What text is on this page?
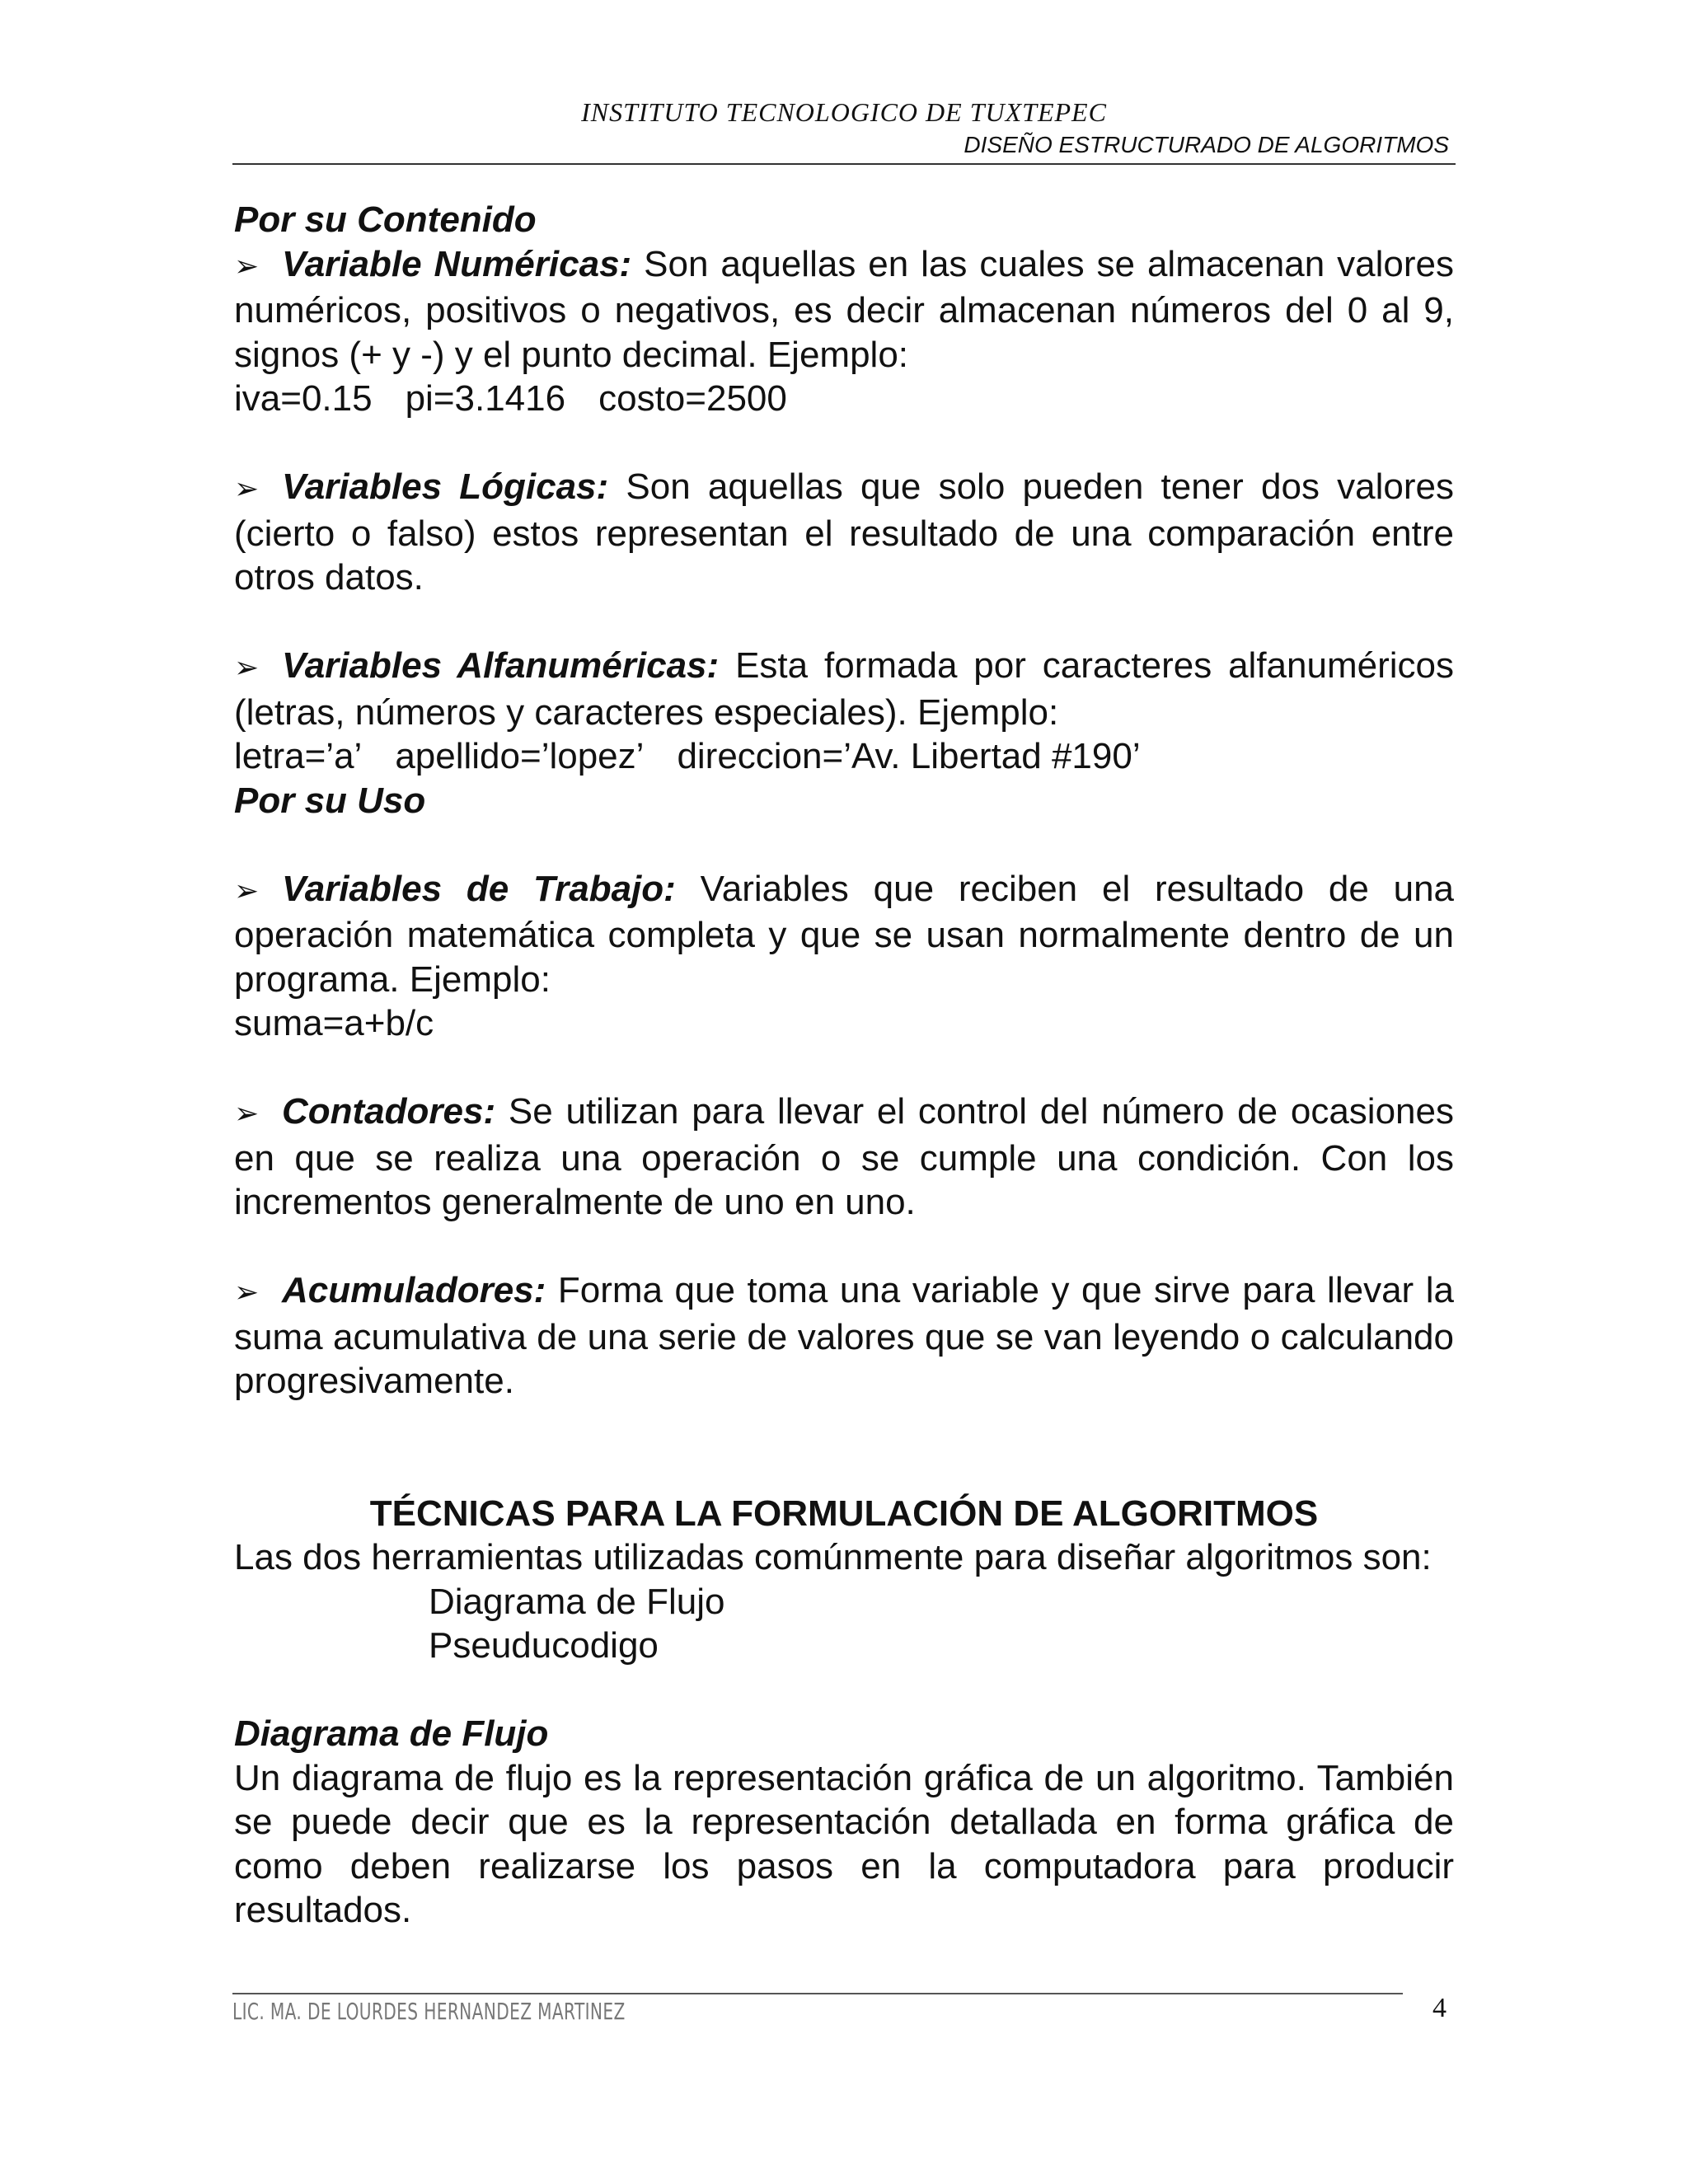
INSTITUTO TECNOLOGICO DE TUXTEPEC
DISEÑO ESTRUCTURADO DE ALGORITMOS

Por su Contenido

➢ Variable Numéricas: Son aquellas en las cuales se almacenan valores numéricos, positivos o negativos, es decir almacenan números del 0 al 9, signos (+ y -) y el punto decimal. Ejemplo:

iva=0.15 pi=3.1416 costo=2500

➢ Variables Lógicas: Son aquellas que solo pueden tener dos valores (cierto o falso) estos representan el resultado de una comparación entre otros datos.

➢ Variables Alfanuméricas: Esta formada por caracteres alfanuméricos (letras, números y caracteres especiales). Ejemplo:

letra=’a’ apellido=’lopez’ direccion=’Av. Libertad #190’

Por su Uso

➢ Variables de Trabajo: Variables que reciben el resultado de una operación matemática completa y que se usan normalmente dentro de un programa. Ejemplo:

suma=a+b/c

➢ Contadores: Se utilizan para llevar el control del número de ocasiones en que se realiza una operación o se cumple una condición. Con los incrementos generalmente de uno en uno.

➢ Acumuladores: Forma que toma una variable y que sirve para llevar la suma acumulativa de una serie de valores que se van leyendo o calculando progresivamente.

TÉCNICAS PARA LA FORMULACIÓN DE ALGORITMOS

Las dos herramientas utilizadas comúnmente para diseñar algoritmos son:

Diagrama de Flujo

Pseuducodigo

Diagrama de Flujo

Un diagrama de flujo es la representación gráfica de un algoritmo. También se puede decir que es la representación detallada en forma gráfica de como deben realizarse los pasos en la computadora para producir resultados.

LIC. MA. DE LOURDES HERNANDEZ MARTINEZ	4
